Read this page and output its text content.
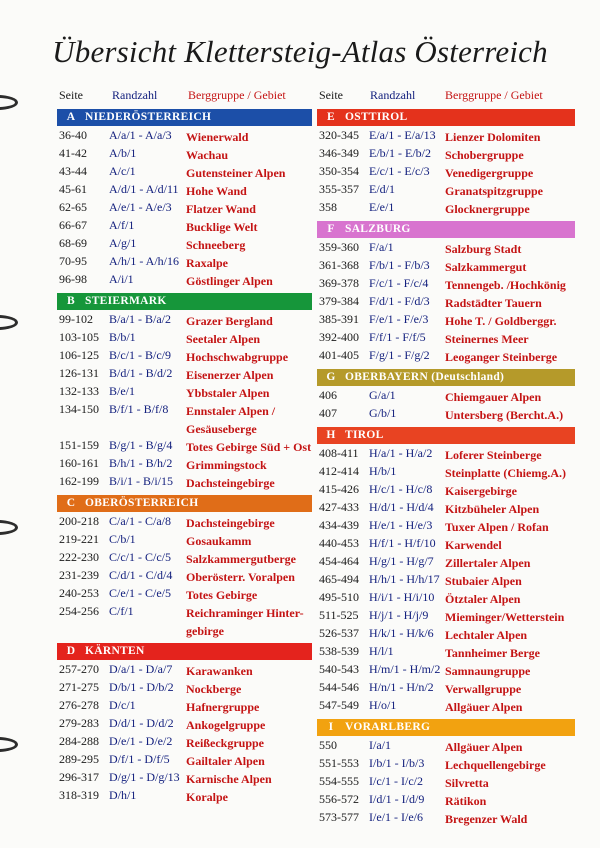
Übersicht Klettersteig-Atlas Österreich
Seite Randzahl	Berggruppe / Gebiet
A NIEDERÖSTERREICH
36-40 A/a/1 - A/a/3 Wienerwald
41-42 A/b/1	Wachau
43-44 A/c/1	Gutensteiner Alpen
45-61 A/d/1 - A/d/11 Hohe Wand
62-65 A/e/1 - A/e/3 Flatzer Wand
66-67 A/f/1	Bucklige Welt
68-69 A/g/1	Schneeberg
70-95 A/h/1 - A/h/16 Raxalpe
96-98 A/i/1	Göstlinger Alpen
B STEIERMARK
99-102 B/a/1 - B/a/2 Grazer Bergland
103-105 B/b/1	Seetaler Alpen
106-125 B/c/1 - B/c/9 Hochschwabgruppe
126-131 B/d/1 - B/d/2 Eisenerzer Alpen
132-133 B/e/1	Ybbstaler Alpen
134-150 B/f/1 - B/f/8 Ennstaler Alpen / Gesäuseberge
151-159 B/g/1 - B/g/4 Totes Gebirge Süd + Ost
160-161 B/h/1 - B/h/2 Grimmingstock
162-199 B/i/1 - B/i/15 Dachsteingebirge
C OBERÖSTERREICH
200-218 C/a/1 - C/a/8 Dachsteingebirge
219-221 C/b/1	Gosaukamm
222-230 C/c/1 - C/c/5 Salzkammergutberge
231-239 C/d/1 - C/d/4 Oberösterr. Voralpen
240-253 C/e/1 - C/e/5 Totes Gebirge
254-256 C/f/1	Reichraminger Hinter-gebirge
D KÄRNTEN
257-270 D/a/1 - D/a/7 Karawanken
271-275 D/b/1 - D/b/2 Nockberge
276-278 D/c/1	Hafnergruppe
279-283 D/d/1 - D/d/2 Ankogelgruppe
284-288 D/e/1 - D/e/2 Reißeckgruppe
289-295 D/f/1 - D/f/5 Gailtaler Alpen
296-317 D/g/1 - D/g/13 Karnische Alpen
318-319 D/h/1	Koralpe
Seite Randzahl Berggruppe / Gebiet
E OSTTIROL
320-345 E/a/1 - E/a/13 Lienzer Dolomiten
346-349 E/b/1 - E/b/2 Schobergruppe
350-354 E/c/1 - E/c/3 Venedigergruppe
355-357 E/d/1	Granatspitzgruppe
358	E/e/1	Glocknergruppe
F SALZBURG
359-360 F/a/1	Salzburg Stadt
361-368 F/b/1 - F/b/3 Salzkammergut
369-378 F/c/1 - F/c/4 Tennengeb. /Hochkönig
379-384 F/d/1 - F/d/3 Radstädter Tauern
385-391 F/e/1 - F/e/3 Hohe T. / Goldberggr.
392-400 F/f/1 - F/f/5 Steinernes Meer
401-405 F/g/1 - F/g/2 Leoganger Steinberge
G OBERBAYERN (Deutschland)
406	G/a/1	Chiemgauer Alpen
407	G/b/1	Untersberg (Bercht.A.)
H TIROL
408-411 H/a/1 - H/a/2 Loferer Steinberge
412-414 H/b/1	Steinplatte (Chiemg.A.)
415-426 H/c/1 - H/c/8 Kaisergebirge
427-433 H/d/1 - H/d/4 Kitzbüheler Alpen
434-439 H/e/1 - H/e/3 Tuxer Alpen / Rofan
440-453 H/f/1 - H/f/10 Karwendel
454-464 H/g/1 - H/g/7 Zillertaler Alpen
465-494 H/h/1 - H/h/17 Stubaier Alpen
495-510 H/i/1 - H/i/10 Ötztaler Alpen
511-525 H/j/1 - H/j/9 Mieminger/Wetterstein
526-537 H/k/1 - H/k/6 Lechtaler Alpen
538-539 H/l/1	Tannheimer Berge
540-543 H/m/1 - H/m/2 Samnaungruppe
544-546 H/n/1 - H/n/2 Verwallgruppe
547-549 H/o/1	Allgäuer Alpen
I VORARLBERG
550	I/a/1	Allgäuer Alpen
551-553 I/b/1 - I/b/3 Lechquellengebirge
554-555 I/c/1 - I/c/2 Silvretta
556-572 I/d/1 - I/d/9 Rätikon
573-577 I/e/1 - I/e/6 Bregenzer Wald
